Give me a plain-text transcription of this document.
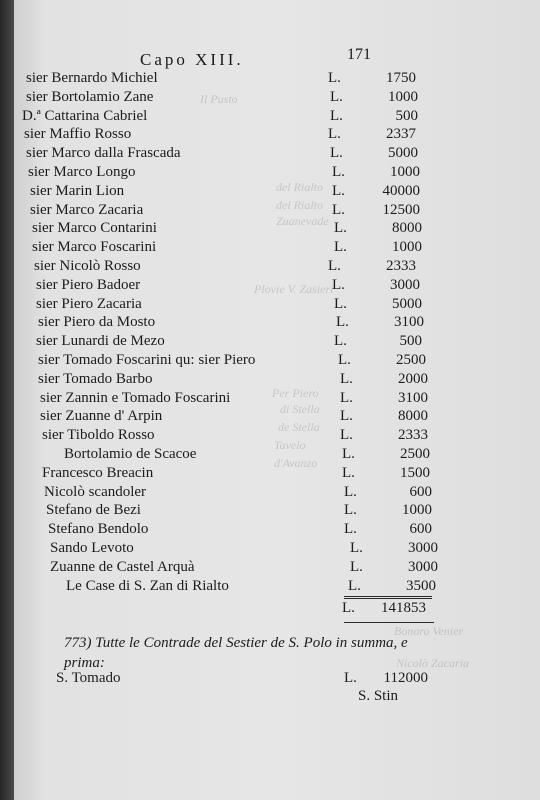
Il Pusto
del Rialto
del Rialto
Zuanevade
Plovie V. Zasieri
Per Piero
di Stella
de Stella
Tavelo
d'Avanzo
Bonoro Venier
Nicolò Zacaria
Capo XIII.	171
sier Bernardo Michiel	L.	1750
sier Bortolamio Zane	L.	1000
D.ª Cattarina Cabriel	L.	500
sier Maffio Rosso	L.	2337
sier Marco dalla Frascada	L.	5000
sier Marco Longo	L.	1000
sier Marin Lion	L.	40000
sier Marco Zacaria	L.	12500
sier Marco Contarini	L.	8000
sier Marco Foscarini	L.	1000
sier Nicolò Rosso	L.	2333
sier Piero Badoer	L.	3000
sier Piero Zacaria	L.	5000
sier Piero da Mosto	L.	3100
sier Lunardi de Mezo	L.	500
sier Tomado Foscarini qu: sier Piero	L.	2500
sier Tomado Barbo	L.	2000
sier Zannin e Tomado Foscarini	L.	3100
sier Zuanne d' Arpin	L.	8000
sier Tiboldo Rosso	L.	2333
Bortolamio de Scacoe	L.	2500
Francesco Breacin	L.	1500
Nicolò scandoler	L.	600
Stefano de Bezi	L.	1000
Stefano Bendolo	L.	600
Sando Levoto	L.	3000
Zuanne de Castel Arquà	L.	3000
Le Case di S. Zan di Rialto	L.	3500
L.	141853
773) Tutte le Contrade del Sestier de S. Polo in summa, e prima:
S. Tomado	L.	112000
S. Stin
